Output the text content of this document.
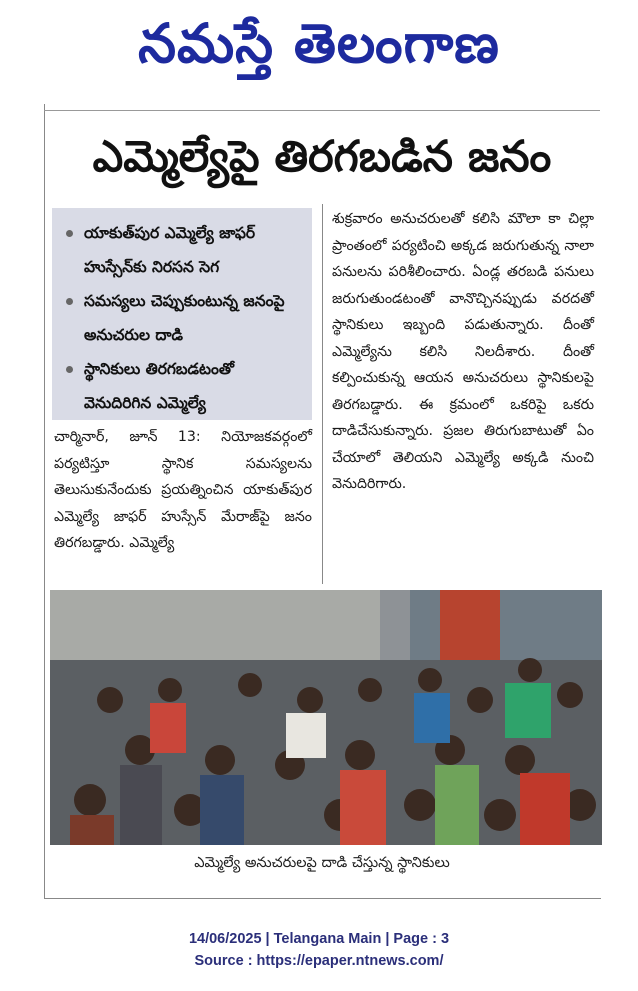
నమస్తే తెలంగాణ
ఎమ్మెల్యేపై తిరగబడిన జనం
యాకుత్‌పుర ఎమ్మెల్యే జాఫర్ హుస్సేన్‌కు నిరసన సెగ
సమస్యలు చెప్పుకుంటున్న జనంపై అనుచరుల దాడి
స్థానికులు తిరగబడటంతో వెనుదిరిగిన ఎమ్మెల్యే

చార్మినార్, జూన్ 13: నియోజకవర్గంలో పర్యటిస్తూ స్థానిక సమస్యలను తెలుసుకునేందుకు ప్రయత్నించిన యాకుత్‌పుర ఎమ్మెల్యే జాఫర్ హుస్సేన్ మేరాజ్‌పై జనం తిరగబడ్డారు. ఎమ్మెల్యే

శుక్రవారం అనుచరులతో కలిసి మౌలా కా చిల్లా ప్రాంతంలో పర్యటించి అక్కడ జరుగుతున్న నాలా పనులను పరిశీలించారు. ఏండ్ల తరబడి పనులు జరుగుతుండటంతో వానొచ్చినప్పుడు వరదతో స్థానికులు ఇబ్బంది పడుతున్నారు. దీంతో ఎమ్మెల్యేను కలిసి నిలదీశారు. దీంతో కల్పించుకున్న ఆయన అనుచరులు స్థానికులపై తిరగబడ్డారు. ఈ క్రమంలో ఒకరిపై ఒకరు దాడిచేసుకున్నారు. ప్రజల తిరుగుబాటుతో ఏం చేయాలో తెలియని ఎమ్మెల్యే అక్కడి నుంచి వెనుదిరిగారు.

ఎమ్మెల్యే అనుచరులపై దాడి చేస్తున్న స్థానికులు
14/06/2025 | Telangana Main | Page : 3
Source : https://epaper.ntnews.com/
